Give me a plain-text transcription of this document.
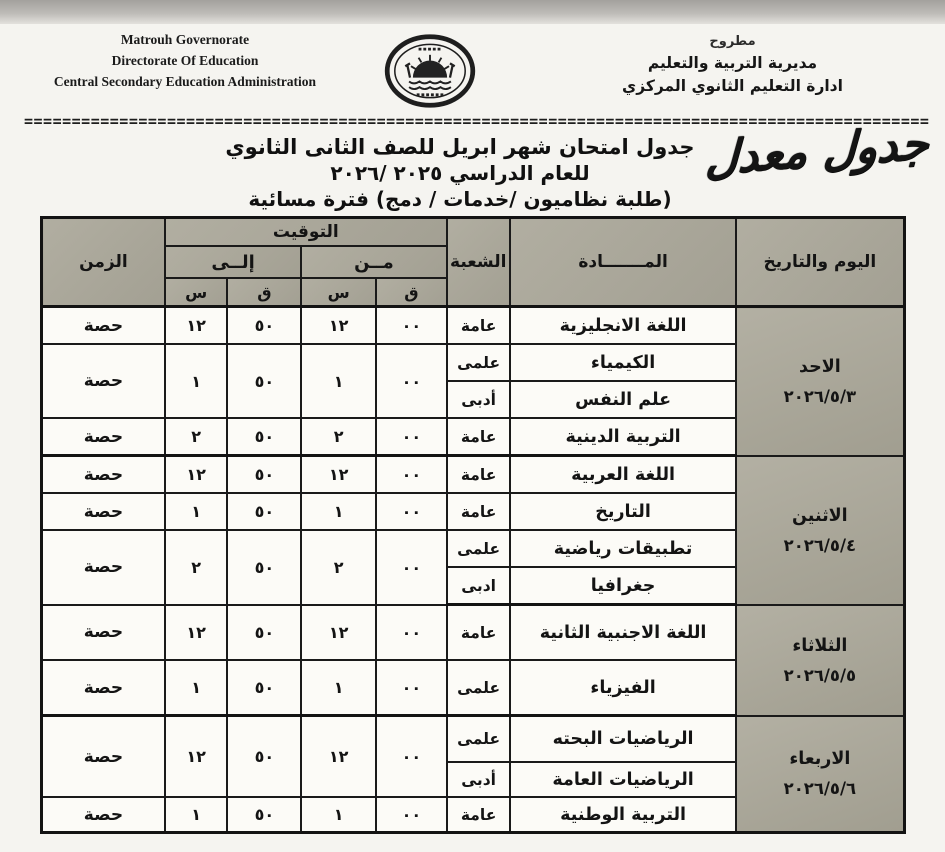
Matrouh Governorate
Directorate Of Education
Central Secondary Education Administration
مطروح
مديرية التربية والتعليم
ادارة التعليم الثانوي المركزي
===============================================================================================
جدول معدل
جدول امتحان شهر ابريل للصف الثانى الثانوي
للعام الدراسي ٢٠٢٥ /٢٠٢٦
(طلبة نظاميون /خدمات / دمج) فترة مسائية
اليوم والتاريخ	المـــــــادة	الشعبة	التوقيت				الزمن
			مــن		إلــى		
			ق	س	ق	س	

الاحد
٢٠٢٦/٥/٣	اللغة الانجليزية	عامة	٠٠	١٢	٥٠	١٢	حصة
	الكيمياء	علمى	٠٠	١	٥٠	١	حصة
	علم النفس	أدبى					
	التربية الدينية	عامة	٠٠	٢	٥٠	٢	حصة

الاثنين
٢٠٢٦/٥/٤	اللغة العربية	عامة	٠٠	١٢	٥٠	١٢	حصة
	التاريخ	عامة	٠٠	١	٥٠	١	حصة
	تطبيقات رياضية	علمى	٠٠	٢	٥٠	٢	حصة
	جغرافيا	ادبى					

الثلاثاء
٢٠٢٦/٥/٥	اللغة الاجنبية الثانية	عامة	٠٠	١٢	٥٠	١٢	حصة
	الفيزياء	علمى	٠٠	١	٥٠	١	حصة

الاربعاء
٢٠٢٦/٥/٦	الرياضيات البحته	علمى	٠٠	١٢	٥٠	١٢	حصة
	الرياضيات العامة	أدبى					
	التربية الوطنية	عامة	٠٠	١	٥٠	١	حصة
